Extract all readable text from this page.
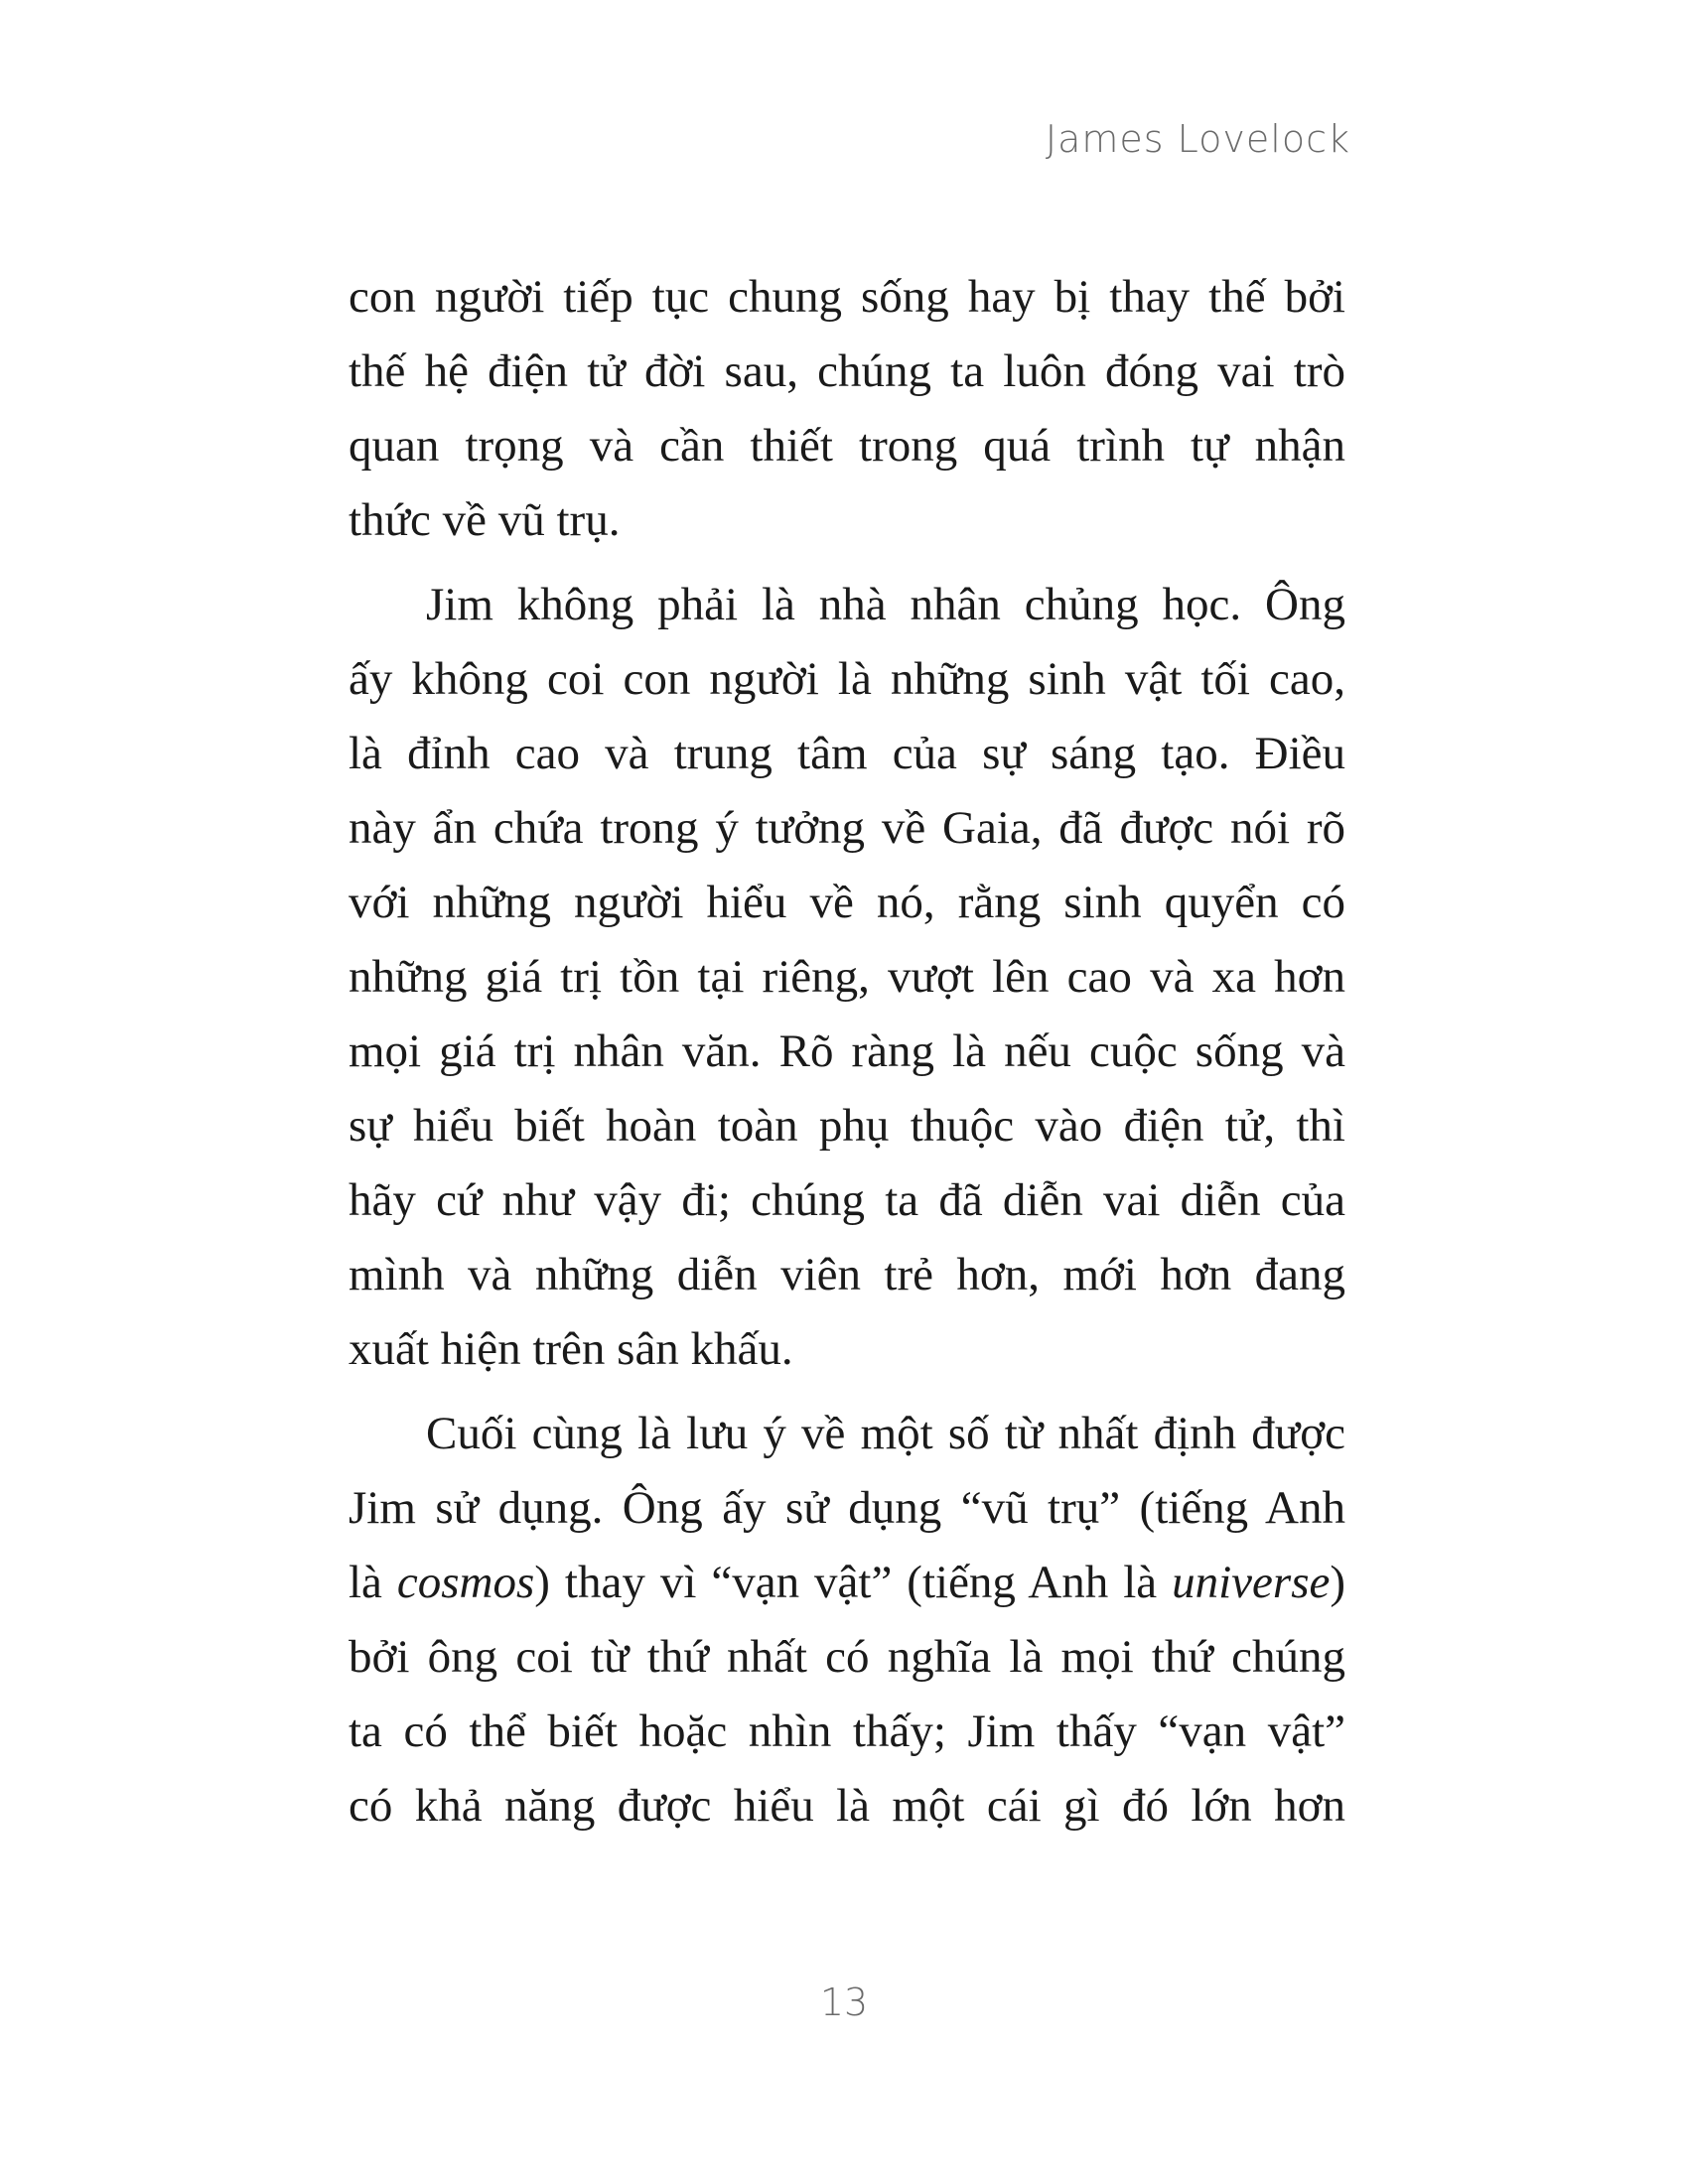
James Lovelock

con người tiếp tục chung sống hay bị thay thế bởi
thế hệ điện tử đời sau, chúng ta luôn đóng vai trò
quan trọng và cần thiết trong quá trình tự nhận
thức về vũ trụ.

Jim không phải là nhà nhân chủng học. Ông
ấy không coi con người là những sinh vật tối cao,
là đỉnh cao và trung tâm của sự sáng tạo. Điều
này ẩn chứa trong ý tưởng về Gaia, đã được nói rõ
với những người hiểu về nó, rằng sinh quyển có
những giá trị tồn tại riêng, vượt lên cao và xa hơn
mọi giá trị nhân văn. Rõ ràng là nếu cuộc sống và
sự hiểu biết hoàn toàn phụ thuộc vào điện tử, thì
hãy cứ như vậy đi; chúng ta đã diễn vai diễn của
mình và những diễn viên trẻ hơn, mới hơn đang
xuất hiện trên sân khấu.

Cuối cùng là lưu ý về một số từ nhất định được
Jim sử dụng. Ông ấy sử dụng “vũ trụ” (tiếng Anh
là cosmos) thay vì “vạn vật” (tiếng Anh là universe)
bởi ông coi từ thứ nhất có nghĩa là mọi thứ chúng
ta có thể biết hoặc nhìn thấy; Jim thấy “vạn vật”
có khả năng được hiểu là một cái gì đó lớn hơn

13
